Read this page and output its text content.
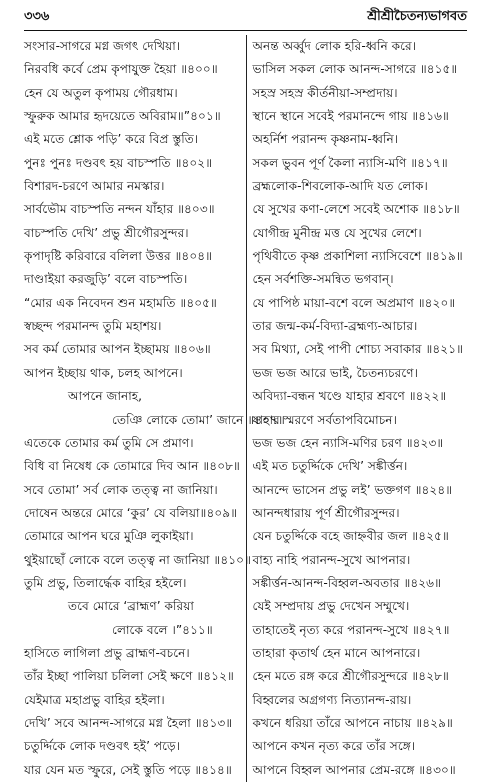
৩৩৬	শ্রীশ্রীচৈতন্যভাগবত
সংসার-সাগরে মগ্ন জগৎ দেখিয়া।
নিরবধি কর্বে প্রেম কৃপাযুক্ত হৈয়া ॥৪০০॥
হেন যে অতুল কৃপাময় গৌরধাম।
স্ফুরুক আমার হৃদয়েতে অবিরাম॥”৪০১॥
এই মতে শ্লোক পড়ি’ করে বিপ্র স্তুতি।
পুনঃ পুনঃ দণ্ডবৎ হয় বাচস্পতি ॥৪০২॥
বিশারদ-চরণে আমার নমস্কার।
সার্বভৌম বাচস্পতি নন্দন যাঁহার ॥৪০৩॥
বাচস্পতি দেখি’ প্রভু শ্রীগৌরসুন্দর।
কৃপাদৃষ্টি করিবারে বলিলা উত্তর ॥৪০৪॥
দাণ্ডাইয়া করজুড়ি’ বলে বাচস্পতি।
“মোর এক নিবেদন শুন মহামতি ॥৪০৫॥
স্বচ্ছন্দ পরমানন্দ তুমি মহাশয়।
সব কর্ম তোমার আপন ইচ্ছাময় ॥৪০৬॥
আপন ইচ্ছায় থাক, চলহ আপনে।
আপনে জানাহ,
তেঞি লোকে তোমা’ জানে ॥৪০৭॥
এতেকে তোমার কর্ম তুমি সে প্রমাণ।
বিধি বা নিষেধ কে তোমারে দিব আন ॥৪০৮॥
সবে তোমা’ সর্ব লোক তত্ত্ব না জানিয়া।
দোষেন অন্তরে মোরে ‘কুর’ যে বলিয়া॥৪০৯॥
তোমারে আপন ঘরে মুঞি লুকাইয়া।
থুইয়াছোঁ লোকে বলে তত্ত্ব না জানিয়া ॥৪১০॥
তুমি প্রভু, তিলার্দ্ধেক বাহির হইলে।
তবে মোরে ‘ব্রাহ্মণ’ করিয়া
লোকে বলে ।”৪১১॥
হাসিতে লাগিলা প্রভু ব্রাহ্মণ-বচনে।
তাঁর ইচ্ছা পালিয়া চলিলা সেই ক্ষণে ॥৪১২॥
যেইমাত্র মহাপ্রভু বাহির হইলা।
দেখি’ সবে আনন্দ-সাগরে মগ্ন হৈলা ॥৪১৩॥
চতুর্দ্দিকে লোক দণ্ডবৎ হই’ পড়ে।
যার যেন মত স্ফুরে, সেই স্তুতি পড়ে ॥৪১৪॥
অনন্ত অর্ব্বুদ লোক হরি-ধ্বনি করে।
ভাসিল সকল লোক আনন্দ-সাগরে ॥৪১৫॥
সহস্র সহস্র কীর্তনীয়া-সম্প্রদায়।
স্থানে স্থানে সবেই পরমানন্দে গায় ॥৪১৬॥
অহর্নিশ পরানন্দ কৃষ্ণনাম-ধ্বনি।
সকল ভুবন পূর্ণ কৈলা ন্যাসি-মণি ॥৪১৭॥
ব্রহ্মলোক-শিবলোক-আদি যত লোক।
যে সুখের কণা-লেশে সবেই অশোক ॥৪১৮॥
যোগীন্দ্র মুনীন্দ্র মত্ত যে সুখের লেশে।
পৃথিবীতে কৃষ্ণ প্রকাশিলা ন্যাসিবেশে ॥৪১৯॥
হেন সর্বশক্তি-সমন্বিত ভগবান্।
যে পাপিষ্ঠ মায়া-বশে বলে অপ্রমাণ ॥৪২০॥
তার জন্ম-কর্ম-বিদ্যা-ব্রহ্মণ্য-আচার।
সব মিথ্যা, সেই পাপী শোচ্য সবাকার ॥৪২১॥
ভজ ভজ আরে ভাই, চৈতন্যচরণে।
অবিদ্যা-বন্ধন খণ্ডে যাহার শ্রবণে ॥৪২২॥
যাহার স্মরণে সর্বতাপবিমোচন।
ভজ ভজ হেন ন্যাসি-মণির চরণ ॥৪২৩॥
এই মত চতুর্দ্দিকে দেখি’ সঙ্কীর্ত্তন।
আনন্দে ভাসেন প্রভু লই’ ভক্তগণ ॥৪২৪॥
আনন্দধারায় পূর্ণ শ্রীগৌরসুন্দর।
যেন চতুর্দ্দিকে বহে জাহ্নবীর জল ॥৪২৫॥
বাহ্য নাহি পরানন্দ-সুখে আপনার।
সঙ্কীর্ত্তন-আনন্দ-বিহ্বল-অবতার ॥৪২৬॥
যেই সম্প্রদায় প্রভু দেখেন সম্মুখে।
তাহাতেই নৃত্য করে পরানন্দ-সুখে ॥৪২৭॥
তাহারা কৃতার্থ হেন মানে আপনারে।
হেন মতে রঙ্গ করে শ্রীগৌরসুন্দরে ॥৪২৮॥
বিহ্বলের অগ্রগণ্য নিত্যানন্দ-রায়।
কখনে ধরিয়া তাঁরে আপনে নাচায় ॥৪২৯॥
আপনে কখন নৃত্য করে তাঁর সঙ্গে।
আপনে বিহ্বল আপনার প্রেম-রঙ্গে ॥৪৩০॥
